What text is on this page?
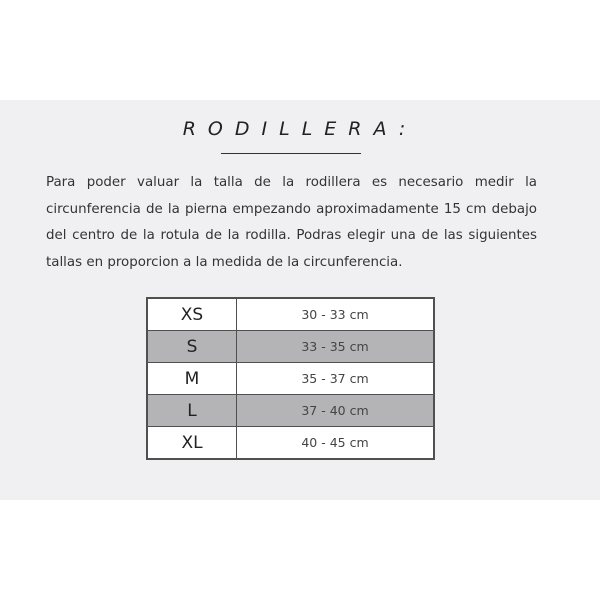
RODILLERA:

Para poder valuar la talla de la rodillera es necesario medir la circunferencia de la pierna empezando aproximadamente 15 cm debajo del centro de la rotula de la rodilla. Podras elegir una de las siguientes tallas en proporcion a la medida de la circunferencia.

XS	30 - 33 cm
S	33 - 35 cm
M	35 - 37 cm
L	37 - 40 cm
XL	40 - 45 cm
